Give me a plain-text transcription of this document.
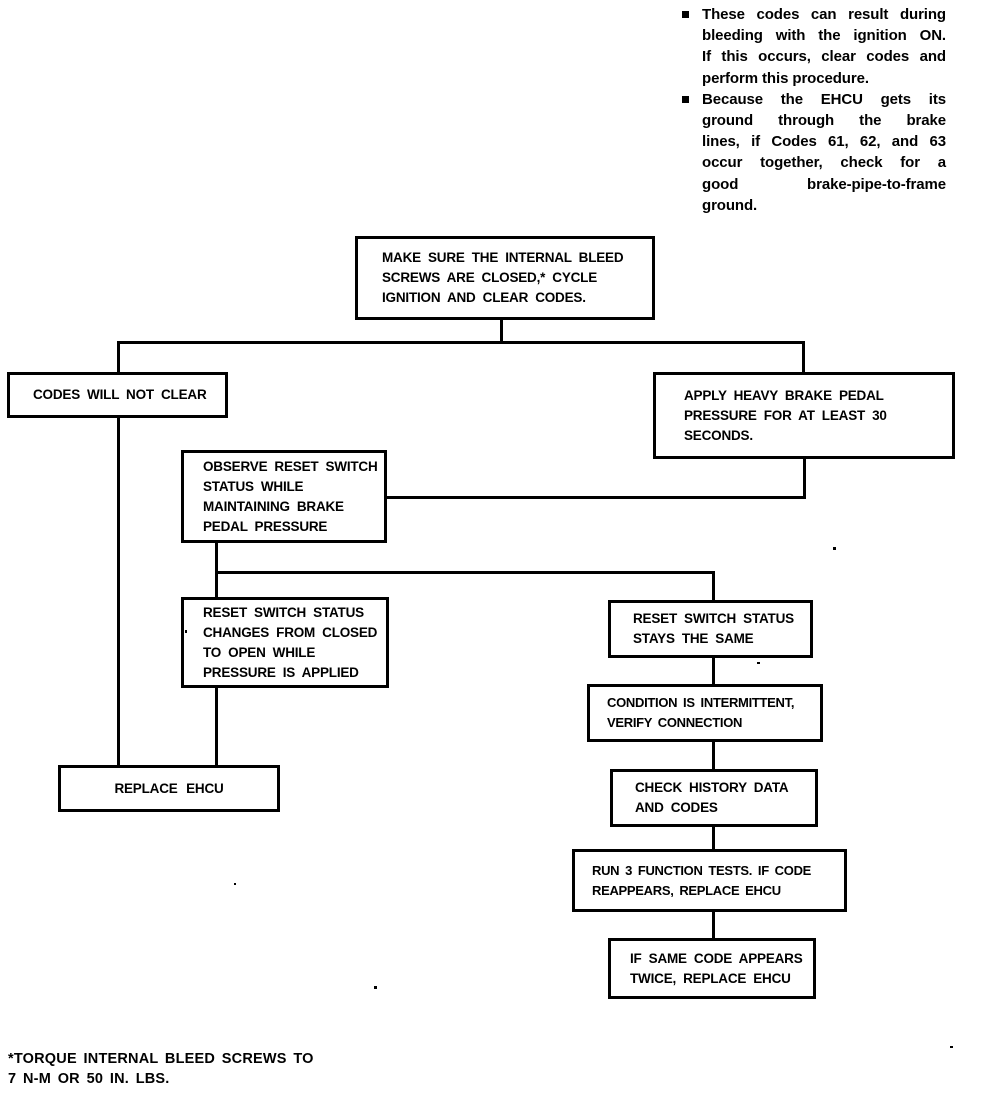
These codes can result during
bleeding with the ignition ON.
If this occurs, clear codes and
perform this procedure.
Because the EHCU gets its
ground through the brake
lines, if Codes 61, 62, and 63
occur together, check for a
good brake-pipe-to-frame
ground.
MAKE SURE THE INTERNAL BLEED
SCREWS ARE CLOSED,* CYCLE
IGNITION AND CLEAR CODES.
CODES WILL NOT CLEAR	APPLY HEAVY BRAKE PEDAL
PRESSURE FOR AT LEAST 30
SECONDS.
OBSERVE RESET SWITCH
STATUS WHILE
MAINTAINING BRAKE
PEDAL PRESSURE
RESET SWITCH STATUS
CHANGES FROM CLOSED
TO OPEN WHILE
PRESSURE IS APPLIED
RESET SWITCH STATUS
STAYS THE SAME
CONDITION IS INTERMITTENT,
VERIFY CONNECTION
CHECK HISTORY DATA
AND CODES
RUN 3 FUNCTION TESTS. IF CODE
REAPPEARS, REPLACE EHCU
IF SAME CODE APPEARS
TWICE, REPLACE EHCU
REPLACE EHCU
*TORQUE INTERNAL BLEED SCREWS TO
7 N-M OR 50 IN. LBS.
